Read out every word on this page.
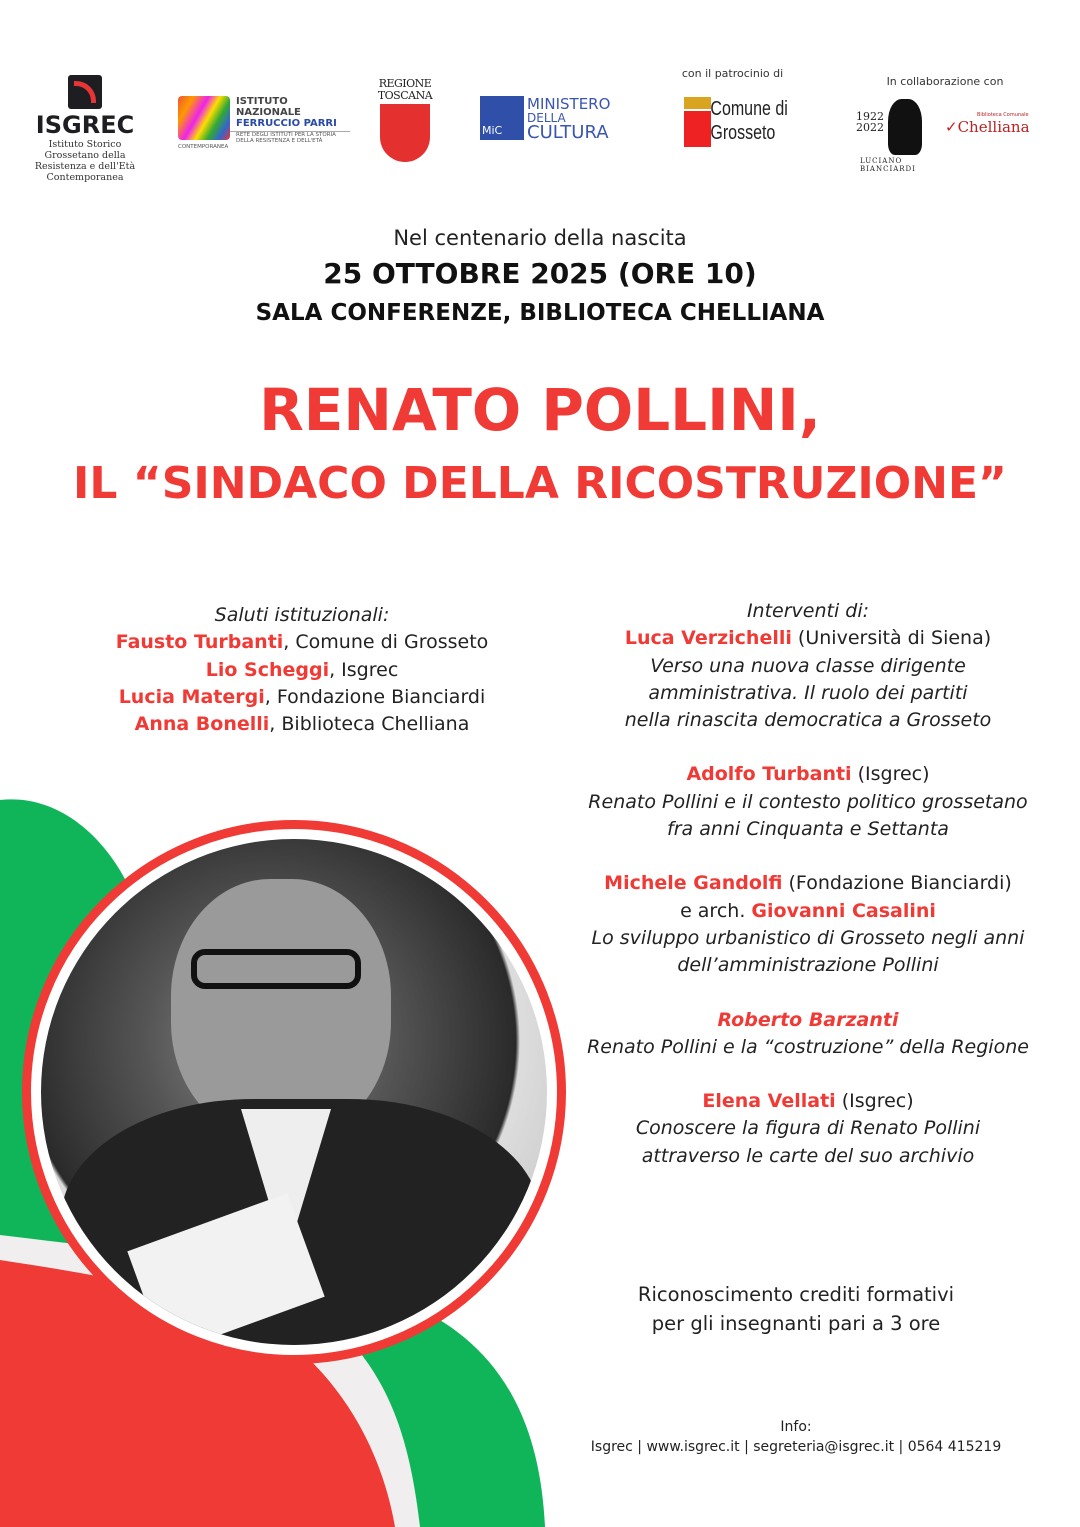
ISGREC
Istituto Storico Grossetano della Resistenza e dell'Età Contemporanea
ISTITUTO NAZIONALE
FERRUCCIO PARRI
RETE DEGLI ISTITUTI PER LA STORIA DELLA RESISTENZA E DELL'ETÀ CONTEMPORANEA
REGIONE TOSCANA
MiC
MINISTERO
DELLA
CULTURA
con il patrocinio di
Comune di
Grosseto
In collaborazione con
1922
2022
LUCIANO BIANCIARDI
Biblioteca Comunale
✓Chelliana
Nel centenario della nascita
25 OTTOBRE 2025 (ORE 10)
SALA CONFERENZE, BIBLIOTECA CHELLIANA
RENATO POLLINI,
IL “SINDACO DELLA RICOSTRUZIONE”
Saluti istituzionali:
Fausto Turbanti, Comune di Grosseto
Lio Scheggi, Isgrec
Lucia Matergi, Fondazione Bianciardi
Anna Bonelli, Biblioteca Chelliana
Interventi di:
Luca Verzichelli (Università di Siena)
Verso una nuova classe dirigente
amministrativa. Il ruolo dei partiti
nella rinascita democratica a Grosseto
Adolfo Turbanti (Isgrec)
Renato Pollini e il contesto politico grossetano
fra anni Cinquanta e Settanta
Michele Gandolfi (Fondazione Bianciardi)
e arch. Giovanni Casalini
Lo sviluppo urbanistico di Grosseto negli anni
dell’amministrazione Pollini
Roberto Barzanti
Renato Pollini e la “costruzione” della Regione
Elena Vellati (Isgrec)
Conoscere la figura di Renato Pollini
attraverso le carte del suo archivio
Riconoscimento crediti formativi
per gli insegnanti pari a 3 ore
Info:
Isgrec | www.isgrec.it | segreteria@isgrec.it | 0564 415219
